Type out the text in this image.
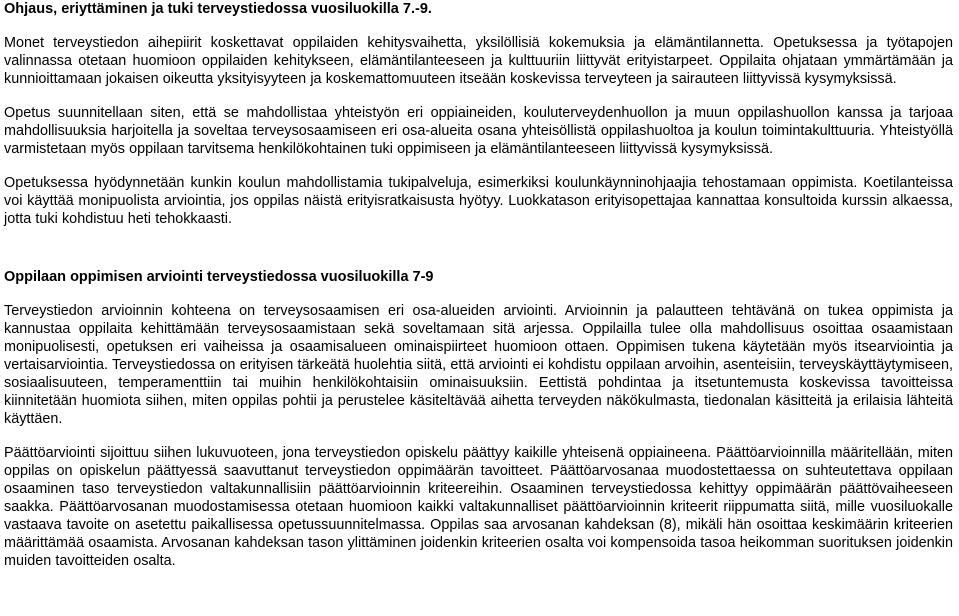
Ohjaus, eriyttäminen ja tuki terveystiedossa vuosiluokilla 7.-9.

Monet terveystiedon aihepiirit koskettavat oppilaiden kehitysvaihetta, yksilöllisiä kokemuksia ja elämäntilannetta. Opetuksessa ja työtapojen valinnassa otetaan huomioon oppilaiden kehitykseen, elämäntilanteeseen ja kulttuuriin liittyvät erityistarpeet. Oppilaita ohjataan ymmärtämään ja kunnioittamaan jokaisen oikeutta yksityisyyteen ja koskemattomuuteen itseään koskevissa terveyteen ja sairauteen liittyvissä kysymyksissä.

Opetus suunnitellaan siten, että se mahdollistaa yhteistyön eri oppiaineiden, kouluterveydenhuollon ja muun oppilashuollon kanssa ja tarjoaa mahdollisuuksia harjoitella ja soveltaa terveysosaamiseen eri osa-alueita osana yhteisöllistä oppilashuoltoa ja koulun toimintakulttuuria. Yhteistyöllä varmistetaan myös oppilaan tarvitsema henkilökohtainen tuki oppimiseen ja elämäntilanteeseen liittyvissä kysymyksissä.

Opetuksessa hyödynnetään kunkin koulun mahdollistamia tukipalveluja, esimerkiksi koulunkäynninohjaajia tehostamaan oppimista. Koetilanteissa voi käyttää monipuolista arviointia, jos oppilas näistä erityisratkaisusta hyötyy. Luokkatason erityisopettajaa kannattaa konsultoida kurssin alkaessa, jotta tuki kohdistuu heti tehokkaasti.

Oppilaan oppimisen arviointi terveystiedossa vuosiluokilla 7-9

Terveystiedon arvioinnin kohteena on terveysosaamisen eri osa-alueiden arviointi. Arvioinnin ja palautteen tehtävänä on tukea oppimista ja kannustaa oppilaita kehittämään terveysosaamistaan sekä soveltamaan sitä arjessa. Oppilailla tulee olla mahdollisuus osoittaa osaamistaan monipuolisesti, opetuksen eri vaiheissa ja osaamisalueen ominaispiirteet huomioon ottaen. Oppimisen tukena käytetään myös itsearviointia ja vertaisarviointia. Terveystiedossa on erityisen tärkeätä huolehtia siitä, että arviointi ei kohdistu oppilaan arvoihin, asenteisiin, terveyskäyttäytymiseen, sosiaalisuuteen, temperamenttiin tai muihin henkilökohtaisiin ominaisuuksiin. Eettistä pohdintaa ja itsetuntemusta koskevissa tavoitteissa kiinnitetään huomiota siihen, miten oppilas pohtii ja perustelee käsiteltävää aihetta terveyden näkökulmasta, tiedonalan käsitteitä ja erilaisia lähteitä käyttäen.

Päättöarviointi sijoittuu siihen lukuvuoteen, jona terveystiedon opiskelu päättyy kaikille yhteisenä oppiaineena. Päättöarvioinnilla määritellään, miten oppilas on opiskelun päättyessä saavuttanut terveystiedon oppimäärän tavoitteet. Päättöarvosanaa muodostettaessa on suhteutettava oppilaan osaaminen taso terveystiedon valtakunnallisiin päättöarvioinnin kriteereihin. Osaaminen terveystiedossa kehittyy oppimäärän päättövaiheeseen saakka. Päättöarvosanan muodostamisessa otetaan huomioon kaikki valtakunnalliset päättöarvioinnin kriteerit riippumatta siitä, mille vuosiluokalle vastaava tavoite on asetettu paikallisessa opetussuunnitelmassa. Oppilas saa arvosanan kahdeksan (8), mikäli hän osoittaa keskimäärin kriteerien määrittämää osaamista. Arvosanan kahdeksan tason ylittäminen joidenkin kriteerien osalta voi kompensoida tasoa heikomman suorituksen joidenkin muiden tavoitteiden osalta.
